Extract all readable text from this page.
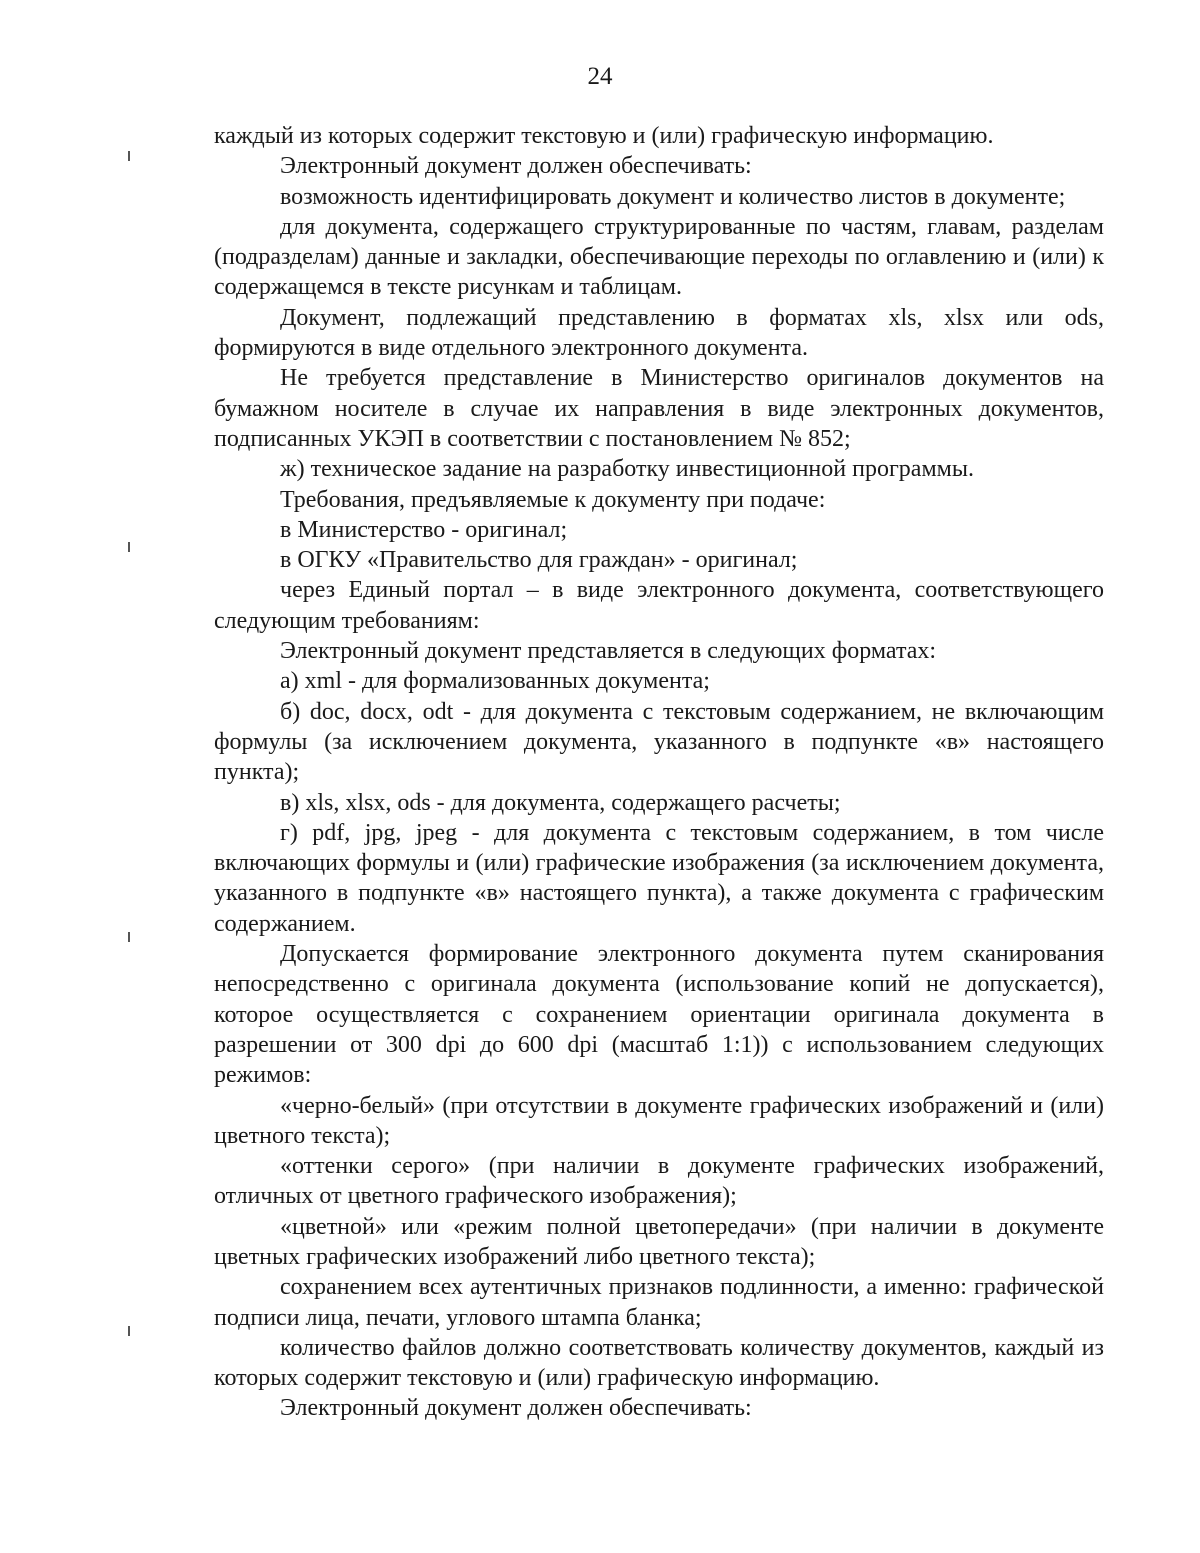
24

каждый из которых содержит текстовую и (или) графическую информацию.

Электронный документ должен обеспечивать:

возможность идентифицировать документ и количество листов в документе;

для документа, содержащего структурированные по частям, главам, разделам (подразделам) данные и закладки, обеспечивающие переходы по оглавлению и (или) к содержащемся в тексте рисункам и таблицам.

Документ, подлежащий представлению в форматах xls, xlsx или ods, формируются в виде отдельного электронного документа.

Не требуется представление в Министерство оригиналов документов на бумажном носителе в случае их направления в виде электронных документов, подписанных УКЭП в соответствии с постановлением № 852;

ж) техническое задание на разработку инвестиционной программы.

Требования, предъявляемые к документу при подаче:

в Министерство - оригинал;

в ОГКУ «Правительство для граждан» - оригинал;

через Единый портал – в виде электронного документа, соответствующего следующим требованиям:

Электронный документ представляется в следующих форматах:

а) xml - для формализованных документа;

б) doc, docx, odt - для документа с текстовым содержанием, не включающим формулы (за исключением документа, указанного в подпункте «в» настоящего пункта);

в) xls, xlsx, ods - для документа, содержащего расчеты;

г) pdf, jpg, jpeg - для документа с текстовым содержанием, в том числе включающих формулы и (или) графические изображения (за исключением документа, указанного в подпункте «в» настоящего пункта), а также документа с графическим содержанием.

Допускается формирование электронного документа путем сканирования непосредственно с оригинала документа (использование копий не допускается), которое осуществляется с сохранением ориентации оригинала документа в разрешении от 300 dpi до 600 dpi (масштаб 1:1)) с использованием следующих режимов:

«черно-белый» (при отсутствии в документе графических изображений и (или) цветного текста);

«оттенки серого» (при наличии в документе графических изображений, отличных от цветного графического изображения);

«цветной» или «режим полной цветопередачи» (при наличии в документе цветных графических изображений либо цветного текста);

сохранением всех аутентичных признаков подлинности, а именно: графической подписи лица, печати, углового штампа бланка;

количество файлов должно соответствовать количеству документов, каждый из которых содержит текстовую и (или) графическую информацию.

Электронный документ должен обеспечивать:
